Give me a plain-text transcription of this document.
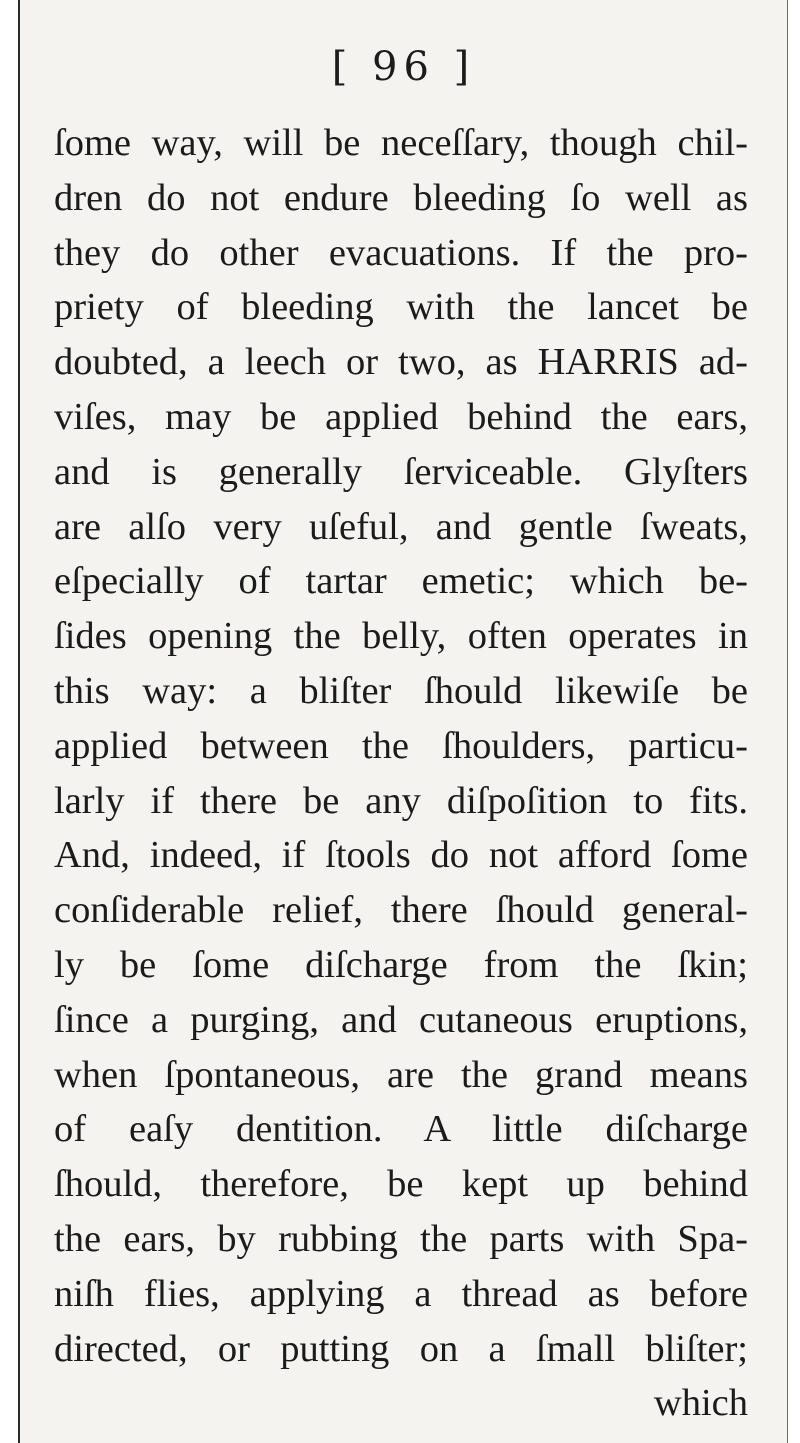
[ 96 ]
ſome way, will be neceſſary, though chil-
dren do not endure bleeding ſo well as
they do other evacuations. If the pro-
priety of bleeding with the lancet be
doubted, a leech or two, as HARRIS ad-
viſes, may be applied behind the ears,
and is generally ſerviceable. Glyſters
are alſo very uſeful, and gentle ſweats,
eſpecially of tartar emetic; which be-
ſides opening the belly, often operates in
this way: a bliſter ſhould likewiſe be
applied between the ſhoulders, particu-
larly if there be any diſpoſition to fits.
And, indeed, if ſtools do not afford ſome
conſiderable relief, there ſhould general-
ly be ſome diſcharge from the ſkin;
ſince a purging, and cutaneous eruptions,
when ſpontaneous, are the grand means
of eaſy dentition. A little diſcharge
ſhould, therefore, be kept up behind
the ears, by rubbing the parts with Spa-
niſh flies, applying a thread as before
directed, or putting on a ſmall bliſter;
which
